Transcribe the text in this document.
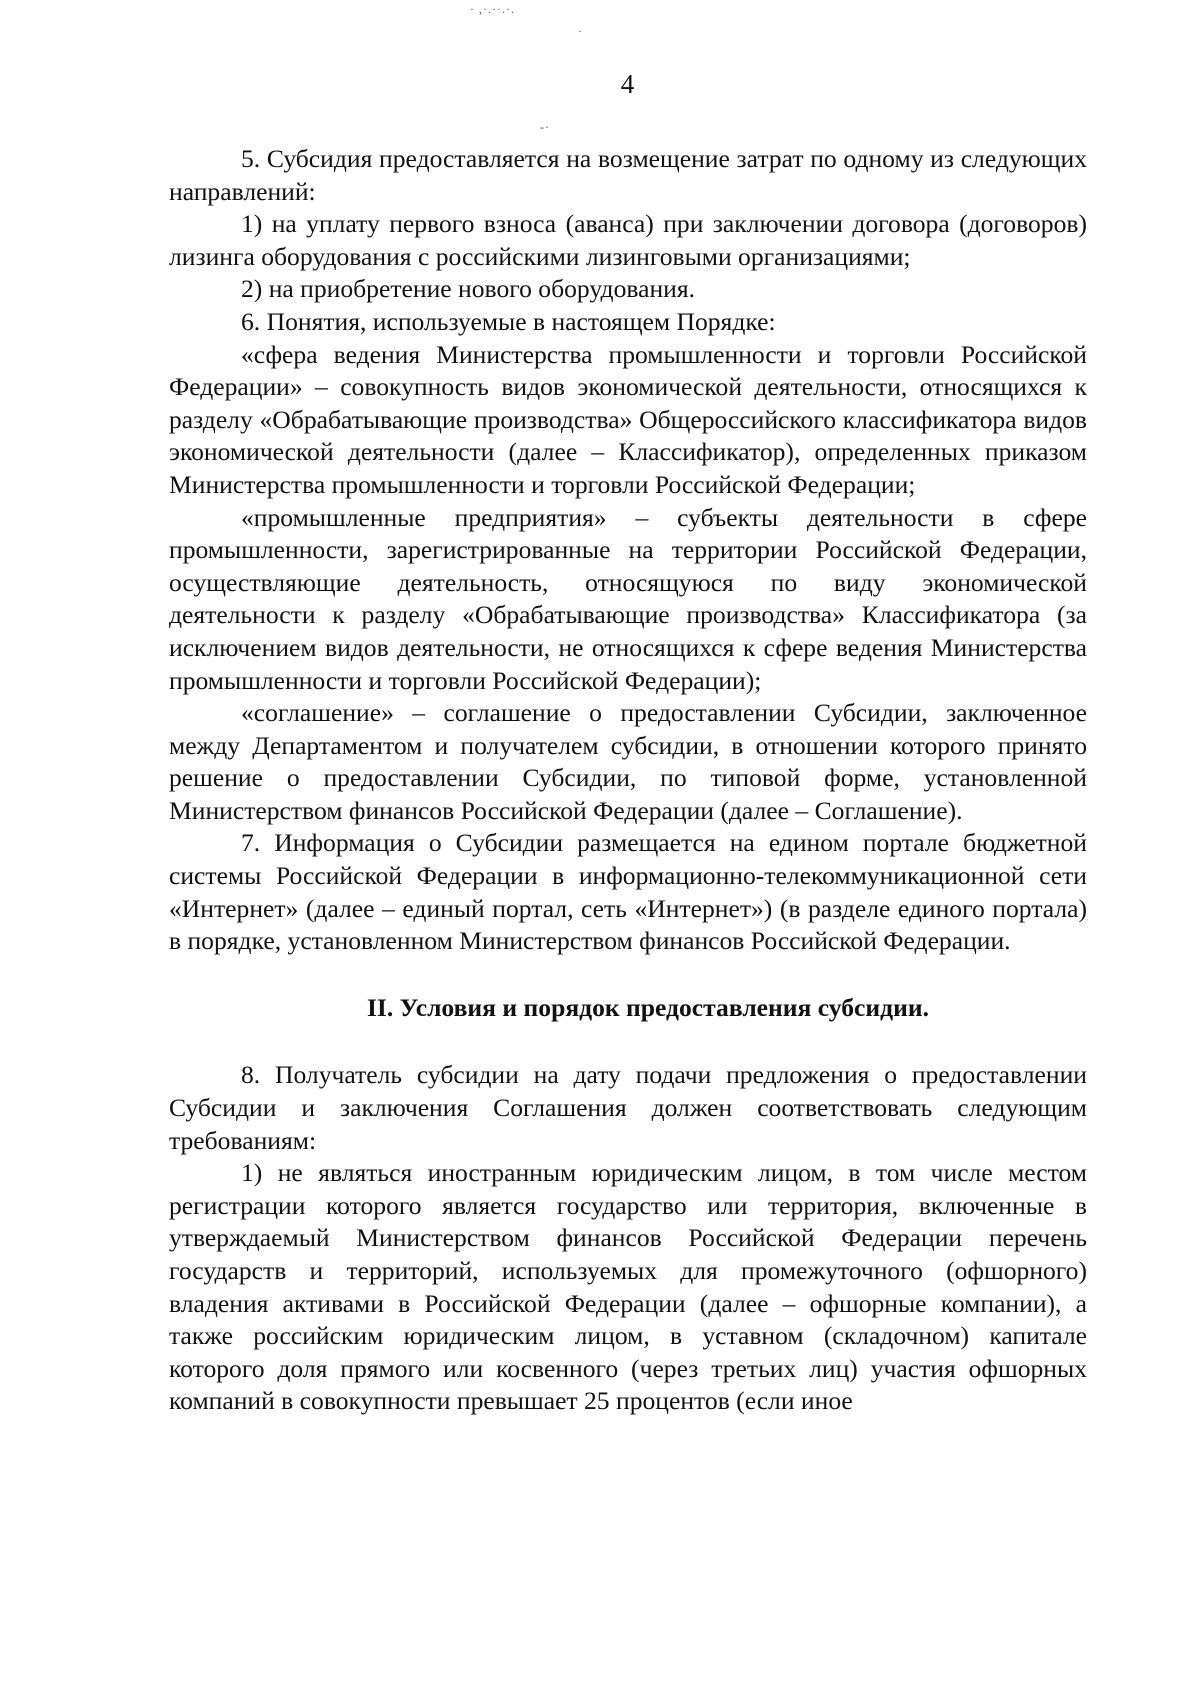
· ,·.··.·.
·
-·
4

5. Субсидия предоставляется на возмещение затрат по одному из следующих направлений:

1) на уплату первого взноса (аванса) при заключении договора (договоров) лизинга оборудования с российскими лизинговыми организациями;

2) на приобретение нового оборудования.

6. Понятия, используемые в настоящем Порядке:

«сфера ведения Министерства промышленности и торговли Российской Федерации» – совокупность видов экономической деятельности, относящихся к разделу «Обрабатывающие производства» Общероссийского классификатора видов экономической деятельности (далее – Классификатор), определенных приказом Министерства промышленности и торговли Российской Федерации;

«промышленные предприятия» – субъекты деятельности в сфере промышленности, зарегистрированные на территории Российской Федерации, осуществляющие деятельность, относящуюся по виду экономической деятельности к разделу «Обрабатывающие производства» Классификатора (за исключением видов деятельности, не относящихся к сфере ведения Министерства промышленности и торговли Российской Федерации);

«соглашение» – соглашение о предоставлении Субсидии, заключенное между Департаментом и получателем субсидии, в отношении которого принято решение о предоставлении Субсидии, по типовой форме, установленной Министерством финансов Российской Федерации (далее – Соглашение).

7. Информация о Субсидии размещается на едином портале бюджетной системы Российской Федерации в информационно-телекоммуникационной сети «Интернет» (далее – единый портал, сеть «Интернет») (в разделе единого портала) в порядке, установленном Министерством финансов Российской Федерации.

II. Условия и порядок предоставления субсидии.

8. Получатель субсидии на дату подачи предложения о предоставлении Субсидии и заключения Соглашения должен соответствовать следующим требованиям:

1) не являться иностранным юридическим лицом, в том числе местом регистрации которого является государство или территория, включенные в утверждаемый Министерством финансов Российской Федерации перечень государств и территорий, используемых для промежуточного (офшорного) владения активами в Российской Федерации (далее – офшорные компании), а также российским юридическим лицом, в уставном (складочном) капитале которого доля прямого или косвенного (через третьих лиц) участия офшорных компаний в совокупности превышает 25 процентов (если иное
